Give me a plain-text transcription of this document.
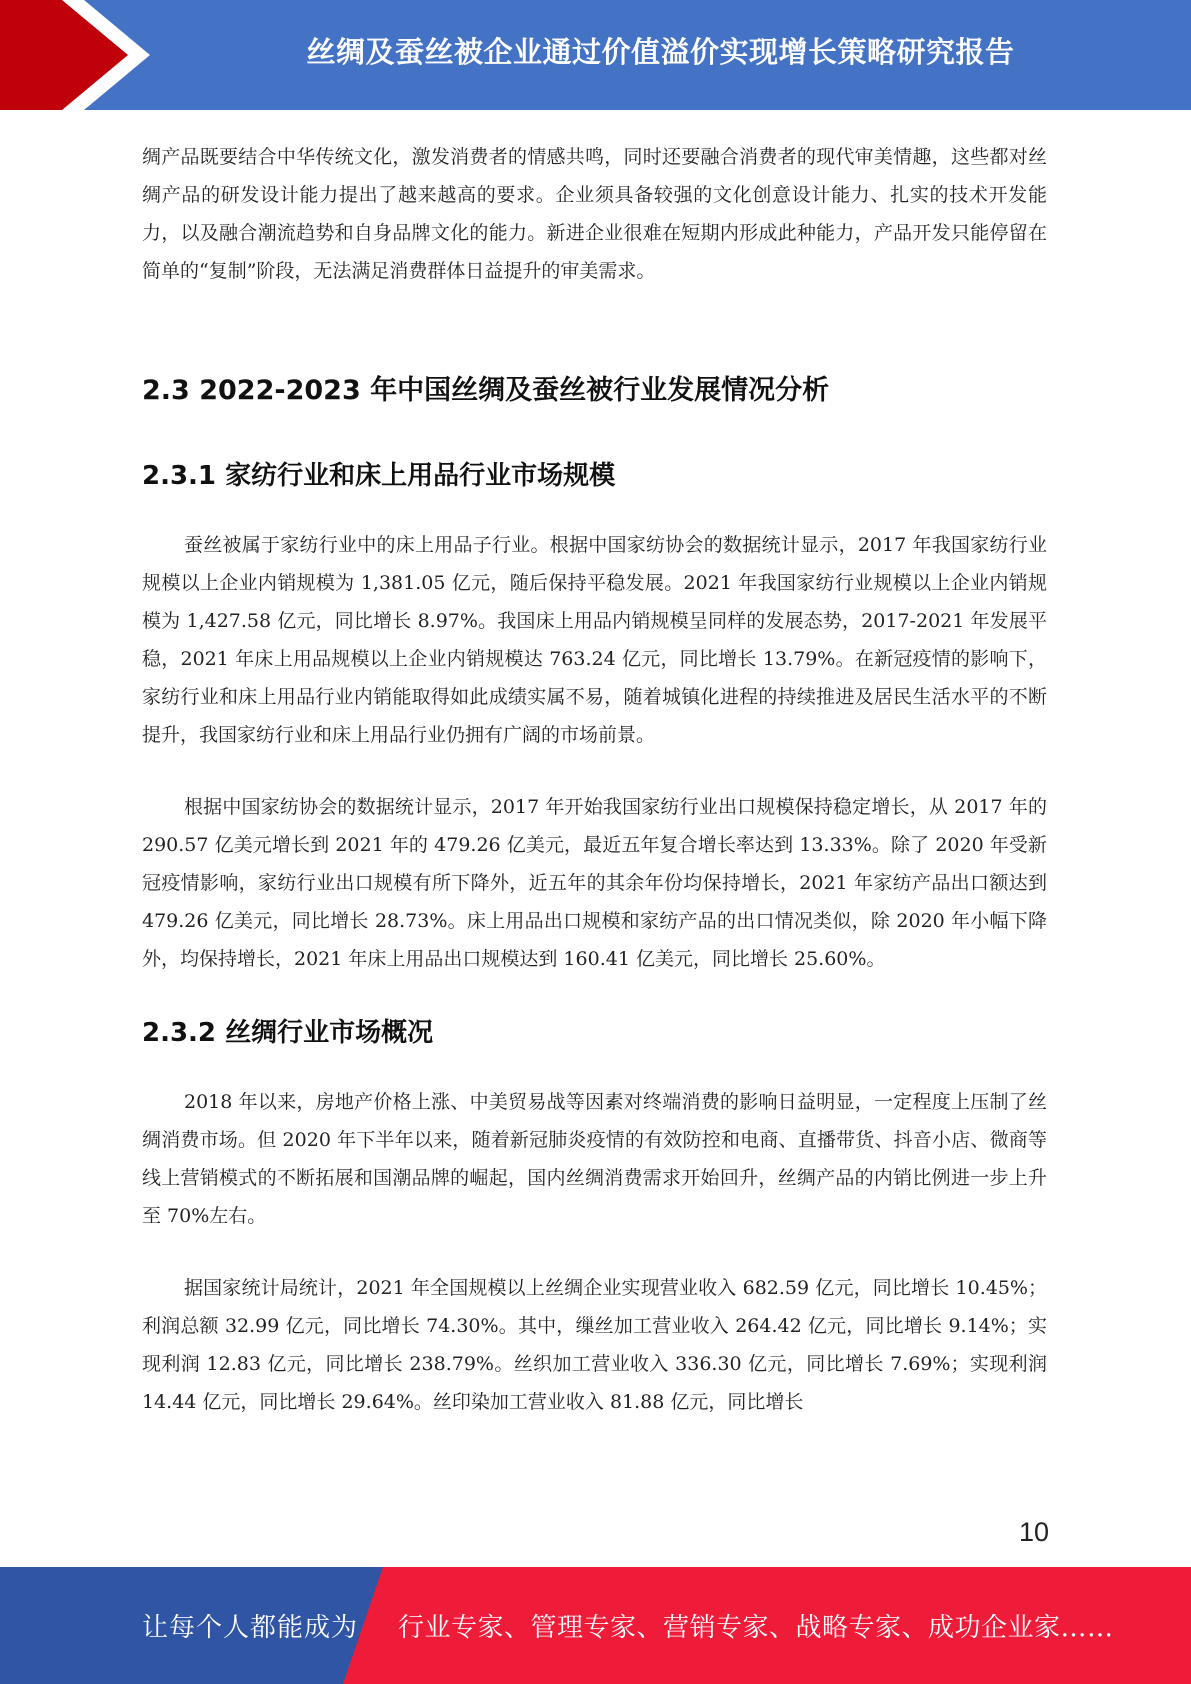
丝绸及蚕丝被企业通过价值溢价实现增长策略研究报告

绸产品既要结合中华传统文化，激发消费者的情感共鸣，同时还要融合消费者的现代审美情趣，这些都对丝绸产品的研发设计能力提出了越来越高的要求。企业须具备较强的文化创意设计能力、扎实的技术开发能力，以及融合潮流趋势和自身品牌文化的能力。新进企业很难在短期内形成此种能力，产品开发只能停留在简单的“复制”阶段，无法满足消费群体日益提升的审美需求。

2.3 2022-2023 年中国丝绸及蚕丝被行业发展情况分析
2.3.1 家纺行业和床上用品行业市场规模

蚕丝被属于家纺行业中的床上用品子行业。根据中国家纺协会的数据统计显示，2017 年我国家纺行业规模以上企业内销规模为 1,381.05 亿元，随后保持平稳发展。2021 年我国家纺行业规模以上企业内销规模为 1,427.58 亿元，同比增长 8.97%。我国床上用品内销规模呈同样的发展态势，2017-2021 年发展平稳，2021 年床上用品规模以上企业内销规模达 763.24 亿元，同比增长 13.79%。在新冠疫情的影响下，家纺行业和床上用品行业内销能取得如此成绩实属不易，随着城镇化进程的持续推进及居民生活水平的不断提升，我国家纺行业和床上用品行业仍拥有广阔的市场前景。

根据中国家纺协会的数据统计显示，2017 年开始我国家纺行业出口规模保持稳定增长，从 2017 年的 290.57 亿美元增长到 2021 年的 479.26 亿美元，最近五年复合增长率达到 13.33%。除了 2020 年受新冠疫情影响，家纺行业出口规模有所下降外，近五年的其余年份均保持增长，2021 年家纺产品出口额达到 479.26 亿美元，同比增长 28.73%。床上用品出口规模和家纺产品的出口情况类似，除 2020 年小幅下降外，均保持增长，2021 年床上用品出口规模达到 160.41 亿美元，同比增长 25.60%。

2.3.2 丝绸行业市场概况

2018 年以来，房地产价格上涨、中美贸易战等因素对终端消费的影响日益明显，一定程度上压制了丝绸消费市场。但 2020 年下半年以来，随着新冠肺炎疫情的有效防控和电商、直播带货、抖音小店、微商等线上营销模式的不断拓展和国潮品牌的崛起，国内丝绸消费需求开始回升，丝绸产品的内销比例进一步上升至 70%左右。

据国家统计局统计，2021 年全国规模以上丝绸企业实现营业收入 682.59 亿元，同比增长 10.45%；利润总额 32.99 亿元，同比增长 74.30%。其中，缫丝加工营业收入 264.42 亿元，同比增长 9.14%；实现利润 12.83 亿元，同比增长 238.79%。丝织加工营业收入 336.30 亿元，同比增长 7.69%；实现利润 14.44 亿元，同比增长 29.64%。丝印染加工营业收入 81.88 亿元，同比增长

10
让每个人都能成为 行业专家、管理专家、营销专家、战略专家、成功企业家……
